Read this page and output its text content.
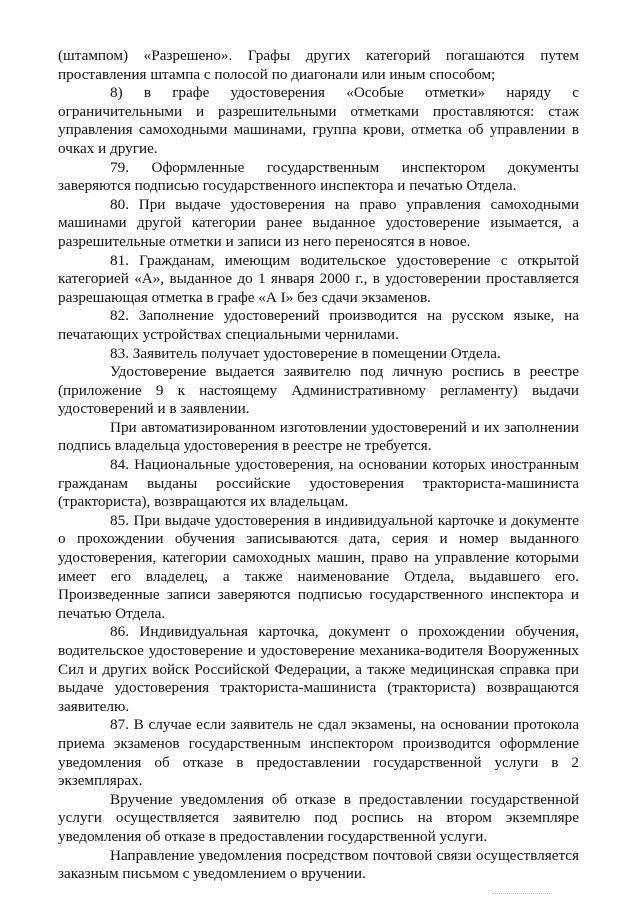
(штампом) «Разрешено». Графы других категорий погашаются путем проставления штампа с полосой по диагонали или иным способом;

8) в графе удостоверения «Особые отметки» наряду с ограничительными и разрешительными отметками проставляются: стаж управления самоходными машинами, группа крови, отметка об управлении в очках и другие.

79. Оформленные государственным инспектором документы заверяются подписью государственного инспектора и печатью Отдела.

80. При выдаче удостоверения на право управления самоходными машинами другой категории ранее выданное удостоверение изымается, а разрешительные отметки и записи из него переносятся в новое.

81. Гражданам, имеющим водительское удостоверение с открытой категорией «А», выданное до 1 января 2000 г., в удостоверении проставляется разрешающая отметка в графе «А I» без сдачи экзаменов.

82. Заполнение удостоверений производится на русском языке, на печатающих устройствах специальными чернилами.

83. Заявитель получает удостоверение в помещении Отдела.

Удостоверение выдается заявителю под личную роспись в реестре (приложение 9 к настоящему Административному регламенту) выдачи удостоверений и в заявлении.

При автоматизированном изготовлении удостоверений и их заполнении подпись владельца удостоверения в реестре не требуется.

84. Национальные удостоверения, на основании которых иностранным гражданам выданы российские удостоверения тракториста-машиниста (тракториста), возвращаются их владельцам.

85. При выдаче удостоверения в индивидуальной карточке и документе о прохождении обучения записываются дата, серия и номер выданного удостоверения, категории самоходных машин, право на управление которыми имеет его владелец, а также наименование Отдела, выдавшего его. Произведенные записи заверяются подписью государственного инспектора и печатью Отдела.

86. Индивидуальная карточка, документ о прохождении обучения, водительское удостоверение и удостоверение механика-водителя Вооруженных Сил и других войск Российской Федерации, а также медицинская справка при выдаче удостоверения тракториста-машиниста (тракториста) возвращаются заявителю.

87. В случае если заявитель не сдал экзамены, на основании протокола приема экзаменов государственным инспектором производится оформление уведомления об отказе в предоставлении государственной услуги в 2 экземплярах.

Вручение уведомления об отказе в предоставлении государственной услуги осуществляется заявителю под роспись на втором экземпляре уведомления об отказе в предоставлении государственной услуги.

Направление уведомления посредством почтовой связи осуществляется заказным письмом с уведомлением о вручении.
